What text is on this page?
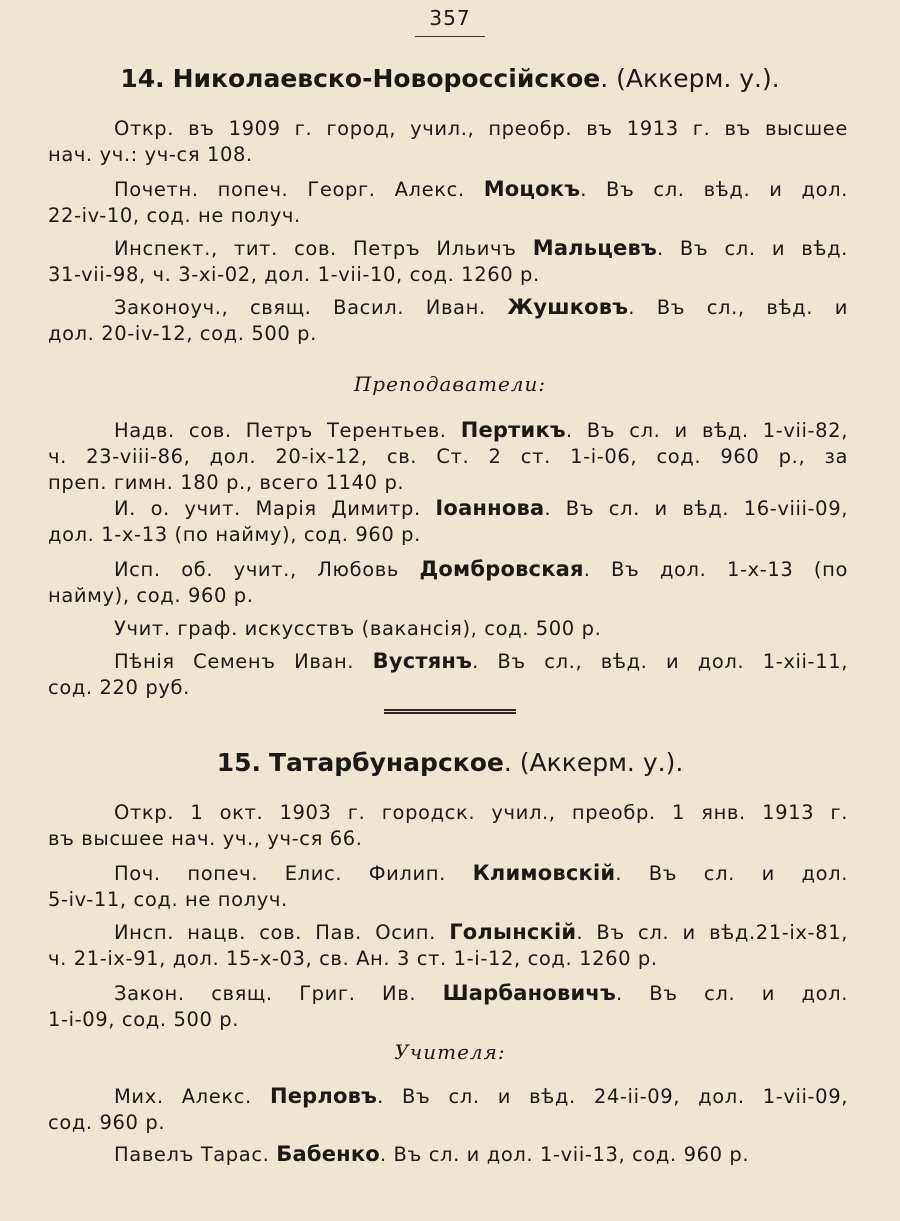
357
14. Николаевско-Новороссійское. (Аккерм. у.).
Откр. въ 1909 г. город, учил., преобр. въ 1913 г. въ высшее
нач. уч.: уч-ся 108.
Почетн. попеч. Георг. Алекс. Моцокъ. Въ сл. вѣд. и дол.
22-iv-10, сод. не получ.
Инспект., тит. сов. Петръ Ильичъ Мальцевъ. Въ сл. и вѣд.
31-vii-98, ч. 3-xi-02, дол. 1-vii-10, сод. 1260 р.
Законоуч., свящ. Васил. Иван. Жушковъ. Въ сл., вѣд. и
дол. 20-iv-12, сод. 500 р.
Преподаватели:
Надв. сов. Петръ Терентьев. Пертикъ. Въ сл. и вѣд. 1-vii-82,
ч. 23-viii-86, дол. 20-ix-12, св. Ст. 2 ст. 1-i-06, сод. 960 р., за
преп. гимн. 180 р., всего 1140 р.
И. о. учит. Марія Димитр. Іоаннова. Въ сл. и вѣд. 16-viii-09,
дол. 1-x-13 (по найму), сод. 960 р.
Исп. об. учит., Любовь Домбровская. Въ дол. 1-x-13 (по
найму), сод. 960 р.
Учит. граф. искусствъ (вакансія), сод. 500 р.
Пѣнія Семенъ Иван. Вустянъ. Въ сл., вѣд. и дол. 1-xii-11,
сод. 220 руб.
15. Татарбунарское. (Аккерм. у.).
Откр. 1 окт. 1903 г. городск. учил., преобр. 1 янв. 1913 г.
въ высшее нач. уч., уч-ся 66.
Поч. попеч. Елис. Филип. Климовскій. Въ сл. и дол.
5-iv-11, сод. не получ.
Инсп. нацв. сов. Пав. Осип. Голынскій. Въ сл. и вѣд.21-ix-81,
ч. 21-ix-91, дол. 15-x-03, св. Ан. 3 ст. 1-i-12, сод. 1260 р.
Закон. свящ. Григ. Ив. Шарбановичъ. Въ сл. и дол.
1-i-09, сод. 500 р.
Учителя:
Мих. Алекс. Перловъ. Въ сл. и вѣд. 24-ii-09, дол. 1-vii-09,
сод. 960 р.
Павелъ Тарас. Бабенко. Въ сл. и дол. 1-vii-13, сод. 960 р.
